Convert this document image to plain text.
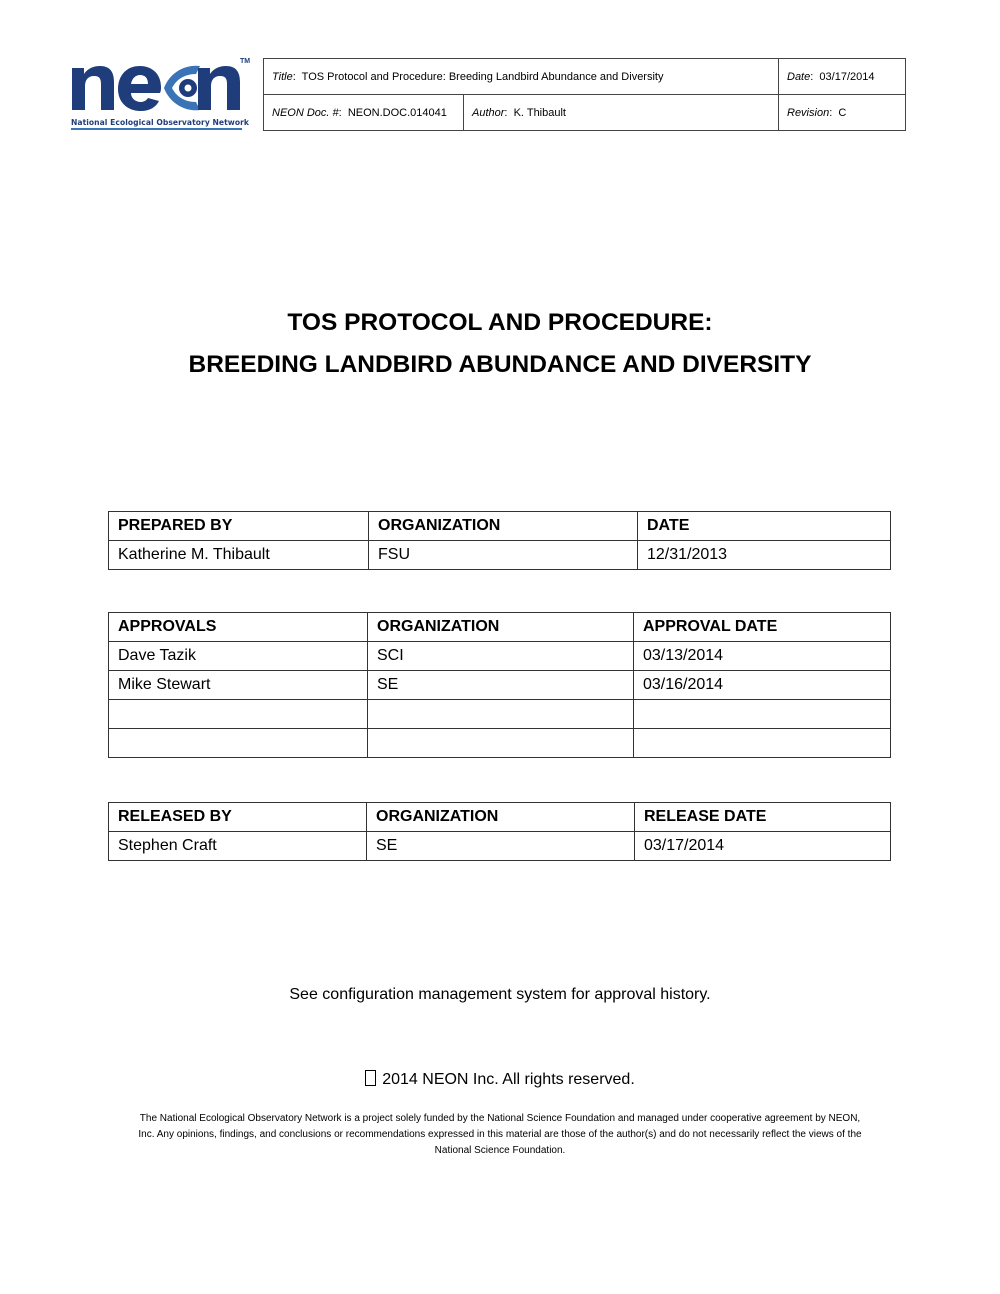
TM
National Ecological Observatory Network
Title:  TOS Protocol and Procedure: Breeding Landbird Abundance and Diversity		Date:  03/17/2014
NEON Doc. #:  NEON.DOC.014041	Author:  K. Thibault	Revision:  C
TOS PROTOCOL AND PROCEDURE:
BREEDING LANDBIRD ABUNDANCE AND DIVERSITY
PREPARED BY	ORGANIZATION	DATE
Katherine M. Thibault	FSU	12/31/2013
APPROVALS	ORGANIZATION	APPROVAL DATE
Dave Tazik	SCI	03/13/2014
Mike Stewart	SE	03/16/2014

RELEASED BY	ORGANIZATION	RELEASE DATE
Stephen Craft	SE	03/17/2014
See configuration management system for approval history.
2014 NEON Inc. All rights reserved.
The National Ecological Observatory Network is a project solely funded by the National Science Foundation and managed under cooperative agreement by NEON,
Inc. Any opinions, findings, and conclusions or recommendations expressed in this material are those of the author(s) and do not necessarily reflect the views of the
National Science Foundation.
